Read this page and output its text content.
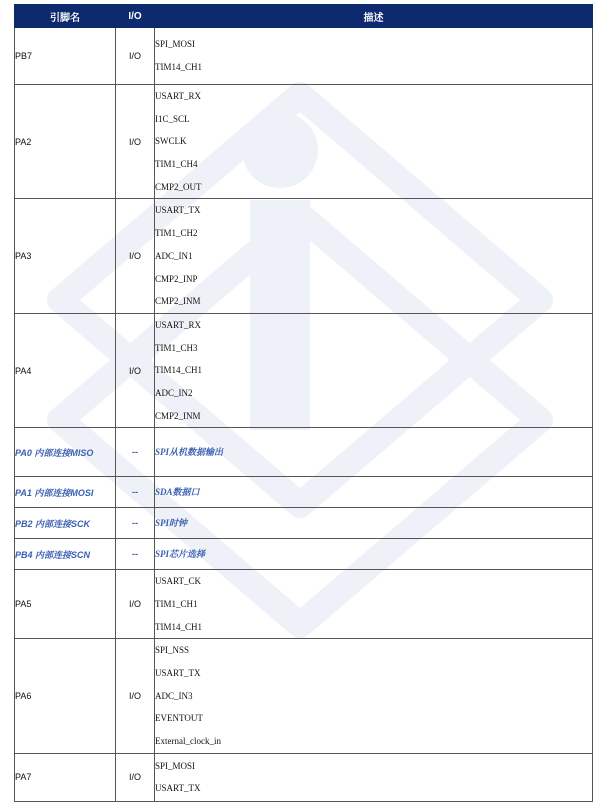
引脚名	I/O	描述
PB7	I/O	SPI_MOSI
TIM14_CH1

PA2	I/O	USART_RX
I1C_SCL
SWCLK
TIM1_CH4
CMP2_OUT

PA3	I/O	USART_TX
TIM1_CH2
ADC_IN1
CMP2_INP
CMP2_INM

PA4	I/O	USART_RX
TIM1_CH3
TIM14_CH1
ADC_IN2
CMP2_INM

PA0 内部连接MISO	--	SPI从机数据输出

PA1 内部连接MOSI	--	SDA数据口

PB2 内部连接SCK	--	SPI时钟

PB4 内部连接SCN	--	SPI芯片选择

PA5	I/O	USART_CK
TIM1_CH1
TIM14_CH1

PA6	I/O	SPI_NSS
USART_TX
ADC_IN3
EVENTOUT
External_clock_in

PA7	I/O	SPI_MOSI
USART_TX
